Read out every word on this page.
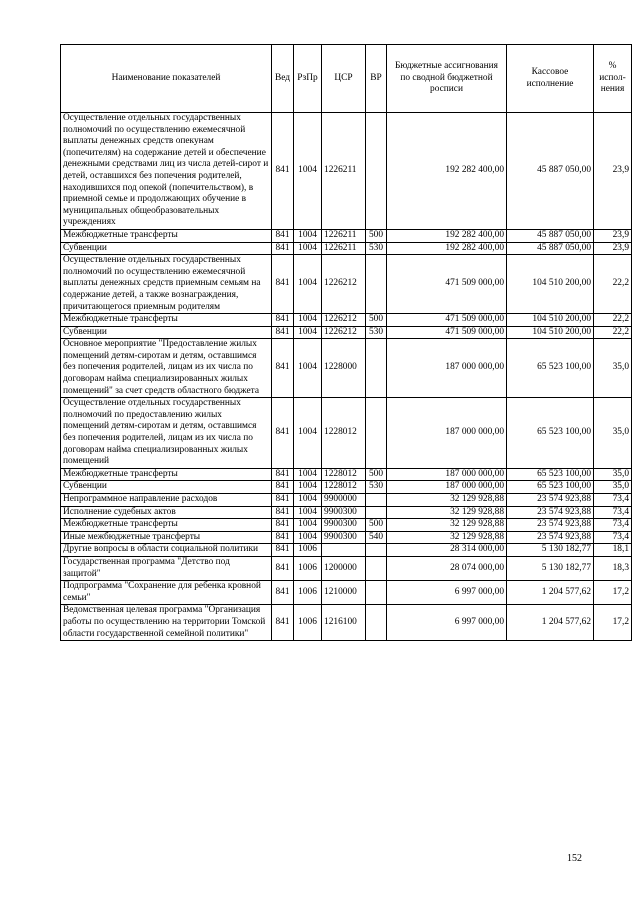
Наименование показателей	Вед	РзПр	ЦСР	ВР	Бюджетные ассигнования по сводной бюджетной росписи	Кассовое исполнение	% испол-нения
Осуществление отдельных государственных полномочий по осуществлению ежемесячной выплаты денежных средств опекунам (попечителям) на содержание детей и обеспечение денежными средствами лиц из числа детей-сирот и детей, оставшихся без попечения родителей, находившихся под опекой (попечительством), в приемной семье и продолжающих обучение в муниципальных общеобразовательных учреждениях	841	1004	1226211		192 282 400,00	45 887 050,00	23,9
Межбюджетные трансферты	841	1004	1226211	500	192 282 400,00	45 887 050,00	23,9
Субвенции	841	1004	1226211	530	192 282 400,00	45 887 050,00	23,9
Осуществление отдельных государственных полномочий по осуществлению ежемесячной выплаты денежных средств приемным семьям на содержание детей, а также вознаграждения, причитающегося приемным родителям	841	1004	1226212		471 509 000,00	104 510 200,00	22,2
Межбюджетные трансферты	841	1004	1226212	500	471 509 000,00	104 510 200,00	22,2
Субвенции	841	1004	1226212	530	471 509 000,00	104 510 200,00	22,2
Основное мероприятие "Предоставление жилых помещений детям-сиротам и детям, оставшимся без попечения родителей, лицам из их числа по договорам найма специализированных жилых помещений" за счет средств областного бюджета	841	1004	1228000		187 000 000,00	65 523 100,00	35,0
Осуществление отдельных государственных полномочий по предоставлению жилых помещений детям-сиротам и детям, оставшимся без попечения родителей, лицам из их числа по договорам найма специализированных жилых помещений	841	1004	1228012		187 000 000,00	65 523 100,00	35,0
Межбюджетные трансферты	841	1004	1228012	500	187 000 000,00	65 523 100,00	35,0
Субвенции	841	1004	1228012	530	187 000 000,00	65 523 100,00	35,0
Непрограммное направление расходов	841	1004	9900000		32 129 928,88	23 574 923,88	73,4
Исполнение судебных актов	841	1004	9900300		32 129 928,88	23 574 923,88	73,4
Межбюджетные трансферты	841	1004	9900300	500	32 129 928,88	23 574 923,88	73,4
Иные межбюджетные трансферты	841	1004	9900300	540	32 129 928,88	23 574 923,88	73,4
Другие вопросы в области социальной политики	841	1006			28 314 000,00	5 130 182,77	18,1
Государственная программа "Детство под защитой"	841	1006	1200000		28 074 000,00	5 130 182,77	18,3
Подпрограмма "Сохранение для ребенка кровной семьи"	841	1006	1210000		6 997 000,00	1 204 577,62	17,2
Ведомственная целевая программа "Организация работы по осуществлению на территории Томской области государственной семейной политики"	841	1006	1216100		6 997 000,00	1 204 577,62	17,2
152
